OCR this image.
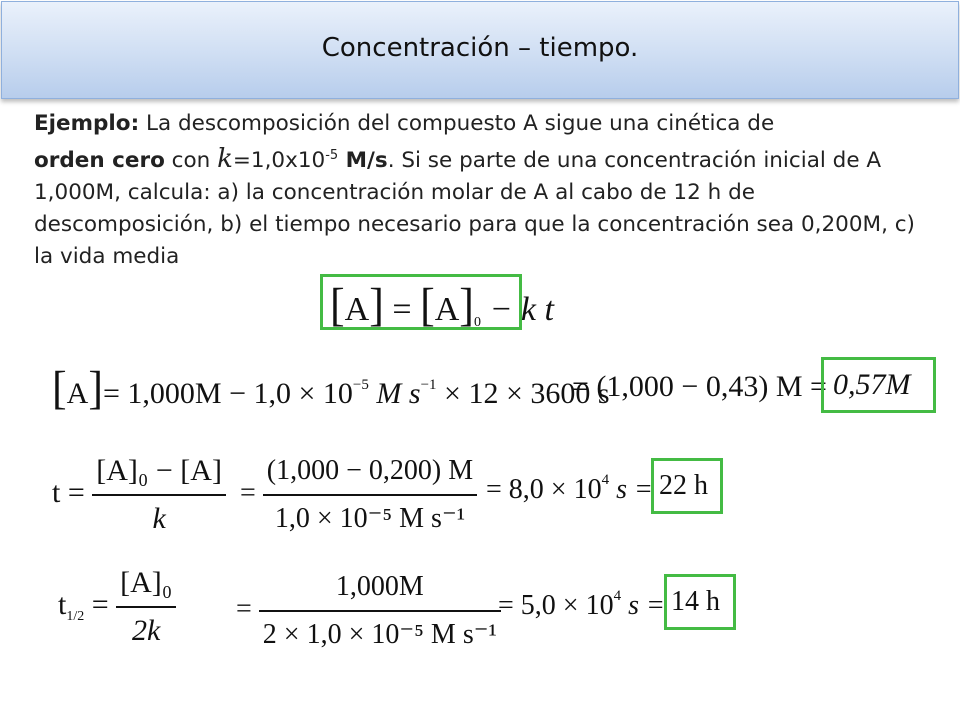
Concentración – tiempo.
Ejemplo: La descomposición del compuesto A sigue una cinética de
orden cero con $k=1,0x10^{-5}$ M/s. Si se parte de una concentración inicial de A 1,000M, calcula: a) la concentración molar de A al cabo de 12 h de descomposición, b) el tiempo necesario para que la concentración sea 0,200M, c) la vida media
$[A] = [A]_0 - k$ t
$[A]= 1,000M - 1,0 \times 10^{-5}$ M $s^{-1} \times 12 \times 3600$ s
= (1,000 − 0,43) M = 0,57M
$t = \frac{\text{[A]₀ − [A]}}{k} = \frac{(1,000 - 0,200) M}{\text{1,0 × 10⁻⁵ M s⁻¹}} = 8,0 \times 10^4$ s = 22 h
$t_{1/2} = \frac{\text{[A]₀}}{2k} = \frac{1,000M}{\text{2 × 1,0 × 10⁻⁵ M s⁻¹}}$
= $5,0 \times 10^4$ s = 14 h
